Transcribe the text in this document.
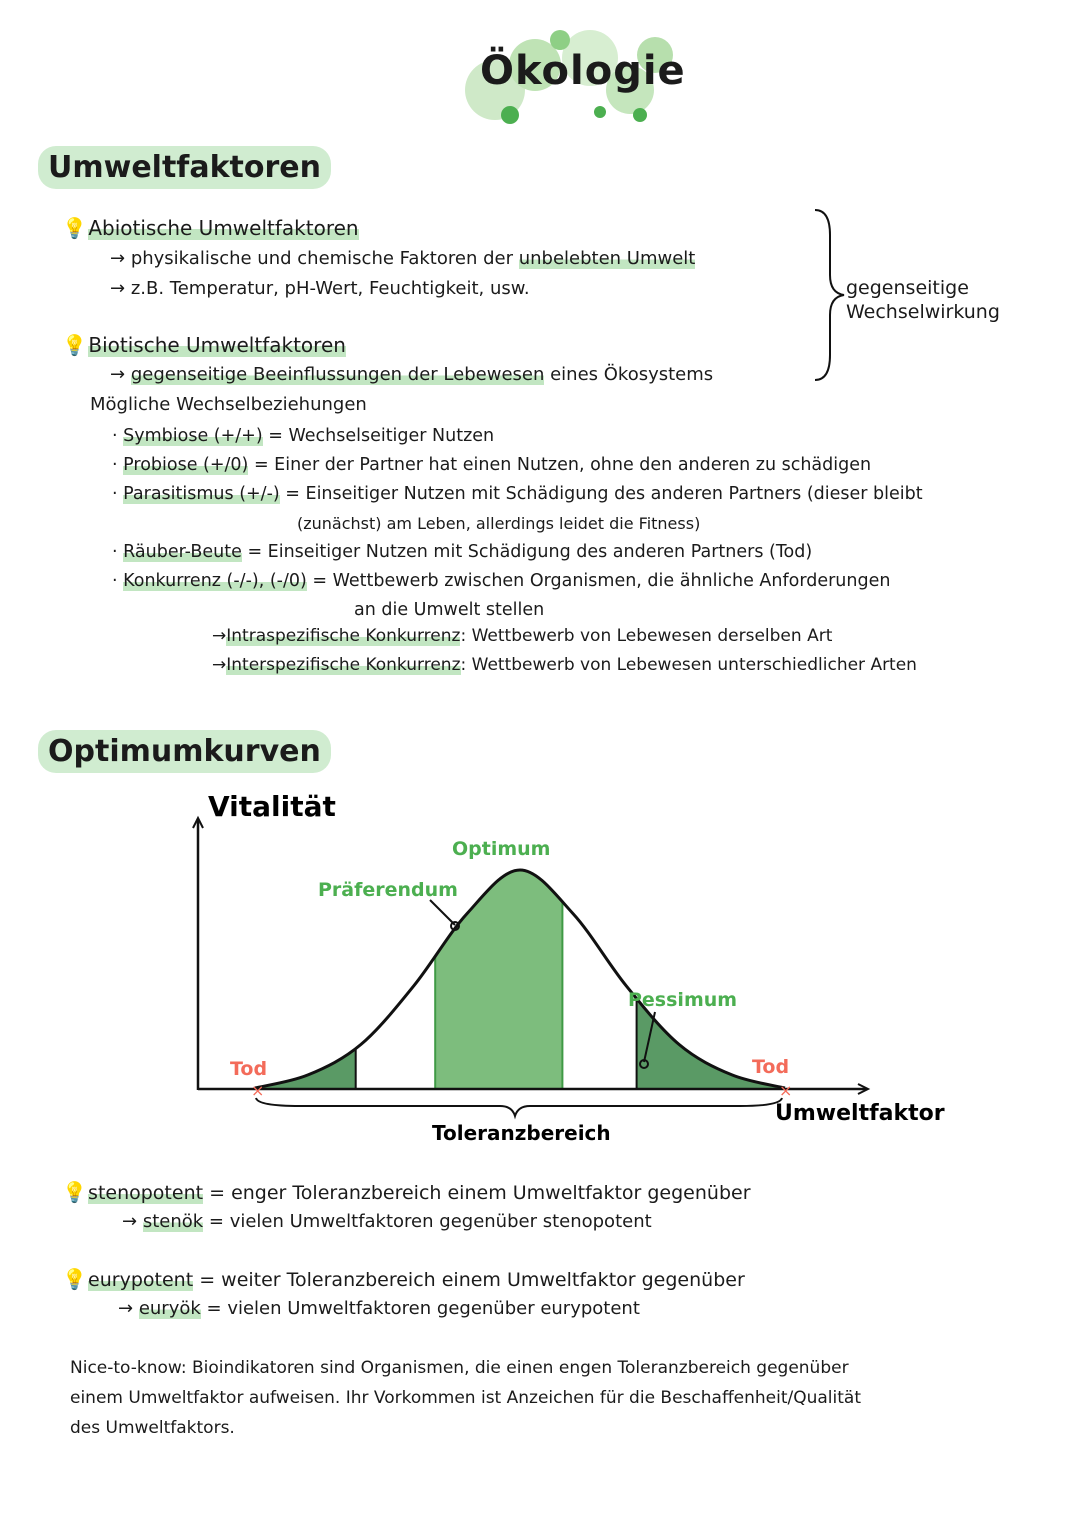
Ökologie
Umweltfaktoren
💡 Abiotische Umweltfaktoren
→ physikalische und chemische Faktoren der unbelebten Umwelt
→ z.B. Temperatur, pH-Wert, Feuchtigkeit, usw.	gegenseitige
Wechselwirkung
💡 Biotische Umweltfaktoren
→ gegenseitige Beeinflussungen der Lebewesen eines Ökosystems
Mögliche Wechselbeziehungen
· Symbiose (+/+) = Wechselseitiger Nutzen
· Probiose (+/0) = Einer der Partner hat einen Nutzen, ohne den anderen zu schädigen
· Parasitismus (+/-) = Einseitiger Nutzen mit Schädigung des anderen Partners (dieser bleibt
(zunächst) am Leben, allerdings leidet die Fitness)
· Räuber-Beute = Einseitiger Nutzen mit Schädigung des anderen Partners (Tod)
· Konkurrenz (-/-), (-/0) = Wettbewerb zwischen Organismen, die ähnliche Anforderungen
an die Umwelt stellen
→Intraspezifische Konkurrenz: Wettbewerb von Lebewesen derselben Art
→Interspezifische Konkurrenz: Wettbewerb von Lebewesen unterschiedlicher Arten
Optimumkurven
Vitalität
Umweltfaktor
Optimum
Präferendum
Pessimum
Tod	Tod
×	×
Toleranzbereich
💡 stenopotent = enger Toleranzbereich einem Umweltfaktor gegenüber
→ stenök = vielen Umweltfaktoren gegenüber stenopotent
💡 eurypotent = weiter Toleranzbereich einem Umweltfaktor gegenüber
→ euryök = vielen Umweltfaktoren gegenüber eurypotent
Nice-to-know: Bioindikatoren sind Organismen, die einen engen Toleranzbereich gegenüber
einem Umweltfaktor aufweisen. Ihr Vorkommen ist Anzeichen für die Beschaffenheit/Qualität
des Umweltfaktors.
